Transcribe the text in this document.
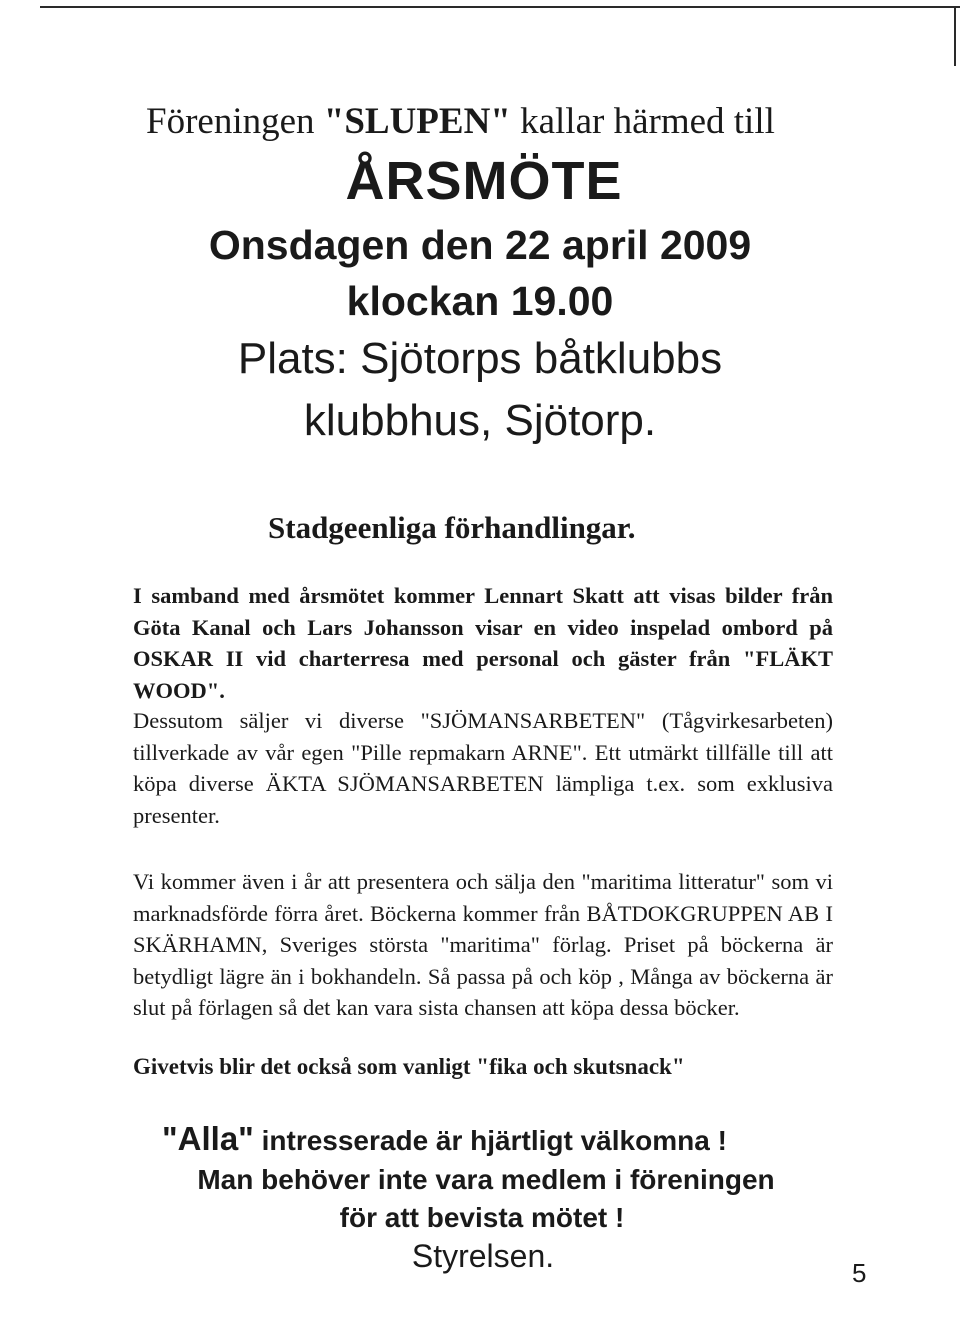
Föreningen "SLUPEN" kallar härmed till
ÅRSMÖTE
Onsdagen den 22 april 2009
klockan 19.00
Plats: Sjötorps båtklubbs
klubbhus, Sjötorp.
Stadgeenliga förhandlingar.
I samband med årsmötet kommer Lennart Skatt att visas bilder från Göta Kanal och Lars Johansson visar en video inspelad ombord på OSKAR II vid charterresa med personal och gäster från "FLÄKT WOOD".
Dessutom säljer vi diverse "SJÖMANSARBETEN" (Tågvirkesarbeten) tillverkade av vår egen "Pille repmakarn ARNE". Ett utmärkt tillfälle till att köpa diverse ÄKTA SJÖMANSARBETEN lämpliga t.ex. som exklusiva presenter.
Vi kommer även i år att presentera och sälja den "maritima litteratur" som vi marknadsförde förra året. Böckerna kommer från BÅTDOKGRUPPEN AB I SKÄRHAMN, Sveriges största "maritima" förlag. Priset på böckerna är betydligt lägre än i bokhandeln. Så passa på och köp , Många av böckerna är slut på förlagen så det kan vara sista chansen att köpa dessa böcker.
Givetvis blir det också som vanligt "fika och skutsnack"
"Alla" intresserade är hjärtligt välkomna !
Man behöver inte vara medlem i föreningen
för att bevista mötet !
Styrelsen.	5
